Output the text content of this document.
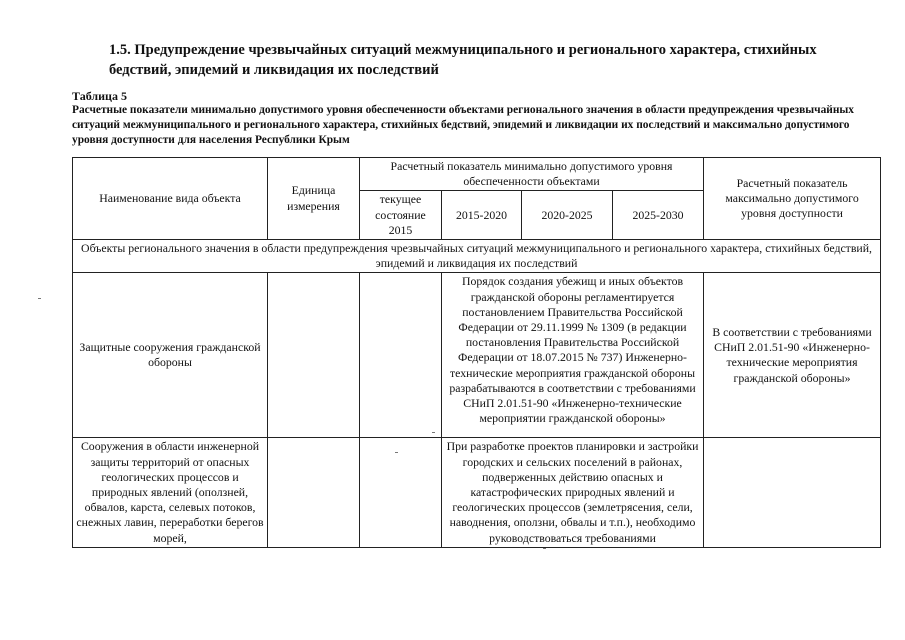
1.5. Предупреждение чрезвычайных ситуаций межмуниципального и регионального характера, стихийных бедствий, эпидемий и ликвидация их последствий
Таблица 5
Расчетные показатели минимально допустимого уровня обеспеченности объектами регионального значения в области предупреждения чрезвычайных ситуаций межмуниципального и регионального характера, стихийных бедствий, эпидемий и ликвидации их последствий и максимально допустимого уровня доступности для населения Республики Крым
Наименование вида объекта	Единица измерения	Расчетный показатель минимально допустимого уровня обеспеченности объектами				Расчетный показатель максимально допустимого уровня доступности
		текущее состояние 2015	2015-2020	2020-2025	2025-2030	
Объекты регионального значения в области предупреждения чрезвычайных ситуаций межмуниципального и регионального характера, стихийных бедствий, эпидемий и ликвидация их последствий						
Защитные сооружения гражданской обороны			Порядок создания убежищ и иных объектов гражданской обороны регламентируется постановлением Правительства Российской Федерации от 29.11.1999 № 1309 (в редакции постановления Правительства Российской Федерации от 18.07.2015 № 737) Инженерно-технические мероприятия гражданской обороны разрабатываются в соответствии с требованиями СНиП 2.01.51-90 «Инженерно-технические мероприятии гражданской обороны»			В соответствии с требованиями СНиП 2.01.51-90 «Инженерно-технические мероприятия гражданской обороны»
Сооружения в области инженерной защиты территорий от опасных геологических процессов и природных явлений (оползней, обвалов, карста, селевых потоков, снежных лавин, переработки берегов морей,			При разработке проектов планировки и застройки городских и сельских поселений в районах, подверженных действию опасных и катастрофических природных явлений и геологических процессов (землетрясения, сели, наводнения, оползни, обвалы и т.п.), необходимо руководствоваться требованиями			
